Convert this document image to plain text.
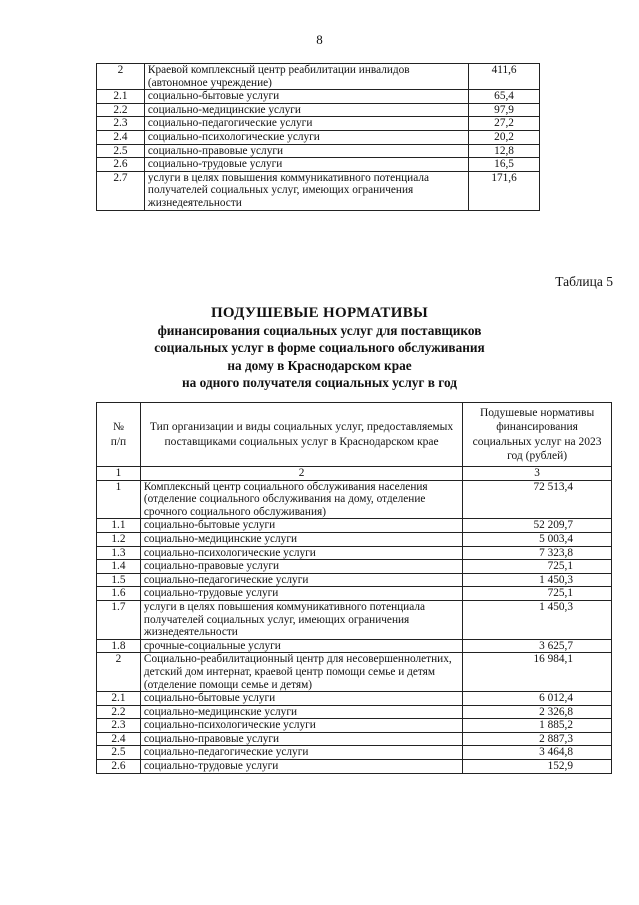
8
2	Краевой комплексный центр реабилитации инвалидов (автономное учреждение)	411,6
2.1	социально-бытовые услуги	65,4
2.2	социально-медицинские услуги	97,9
2.3	социально-педагогические услуги	27,2
2.4	социально-психологические услуги	20,2
2.5	социально-правовые услуги	12,8
2.6	социально-трудовые услуги	16,5
2.7	услуги в целях повышения коммуникативного потенциала получателей социальных услуг, имеющих ограничения жизнедеятельности	171,6
Таблица 5
ПОДУШЕВЫЕ НОРМАТИВЫ
финансирования социальных услуг для поставщиков
социальных услуг в форме социального обслуживания
на дому в Краснодарском крае
на одного получателя социальных услуг в год
№ п/п	Тип организации и виды социальных услуг, предоставляемых поставщиками социальных услуг в Краснодарском крае	Подушевые нормативы финансирования социальных услуг на 2023 год (рублей)

1	2	3
1	Комплексный центр социального обслуживания населения (отделение социального обслуживания на дому, отделение срочного социального обслуживания)	72 513,4
1.1	социально-бытовые услуги	52 209,7
1.2	социально-медицинские услуги	5 003,4
1.3	социально-психологические услуги	7 323,8
1.4	социально-правовые услуги	725,1
1.5	социально-педагогические услуги	1 450,3
1.6	социально-трудовые услуги	725,1
1.7	услуги в целях повышения коммуникативного потенциала получателей социальных услуг, имеющих ограничения жизнедеятельности	1 450,3
1.8	срочные-социальные услуги	3 625,7
2	Социально-реабилитационный центр для несовершеннолетних, детский дом интернат, краевой центр помощи семье и детям (отделение помощи семье и детям)	16 984,1
2.1	социально-бытовые услуги	6 012,4
2.2	социально-медицинские услуги	2 326,8
2.3	социально-психологические услуги	1 885,2
2.4	социально-правовые услуги	2 887,3
2.5	социально-педагогические услуги	3 464,8
2.6	социально-трудовые услуги	152,9
